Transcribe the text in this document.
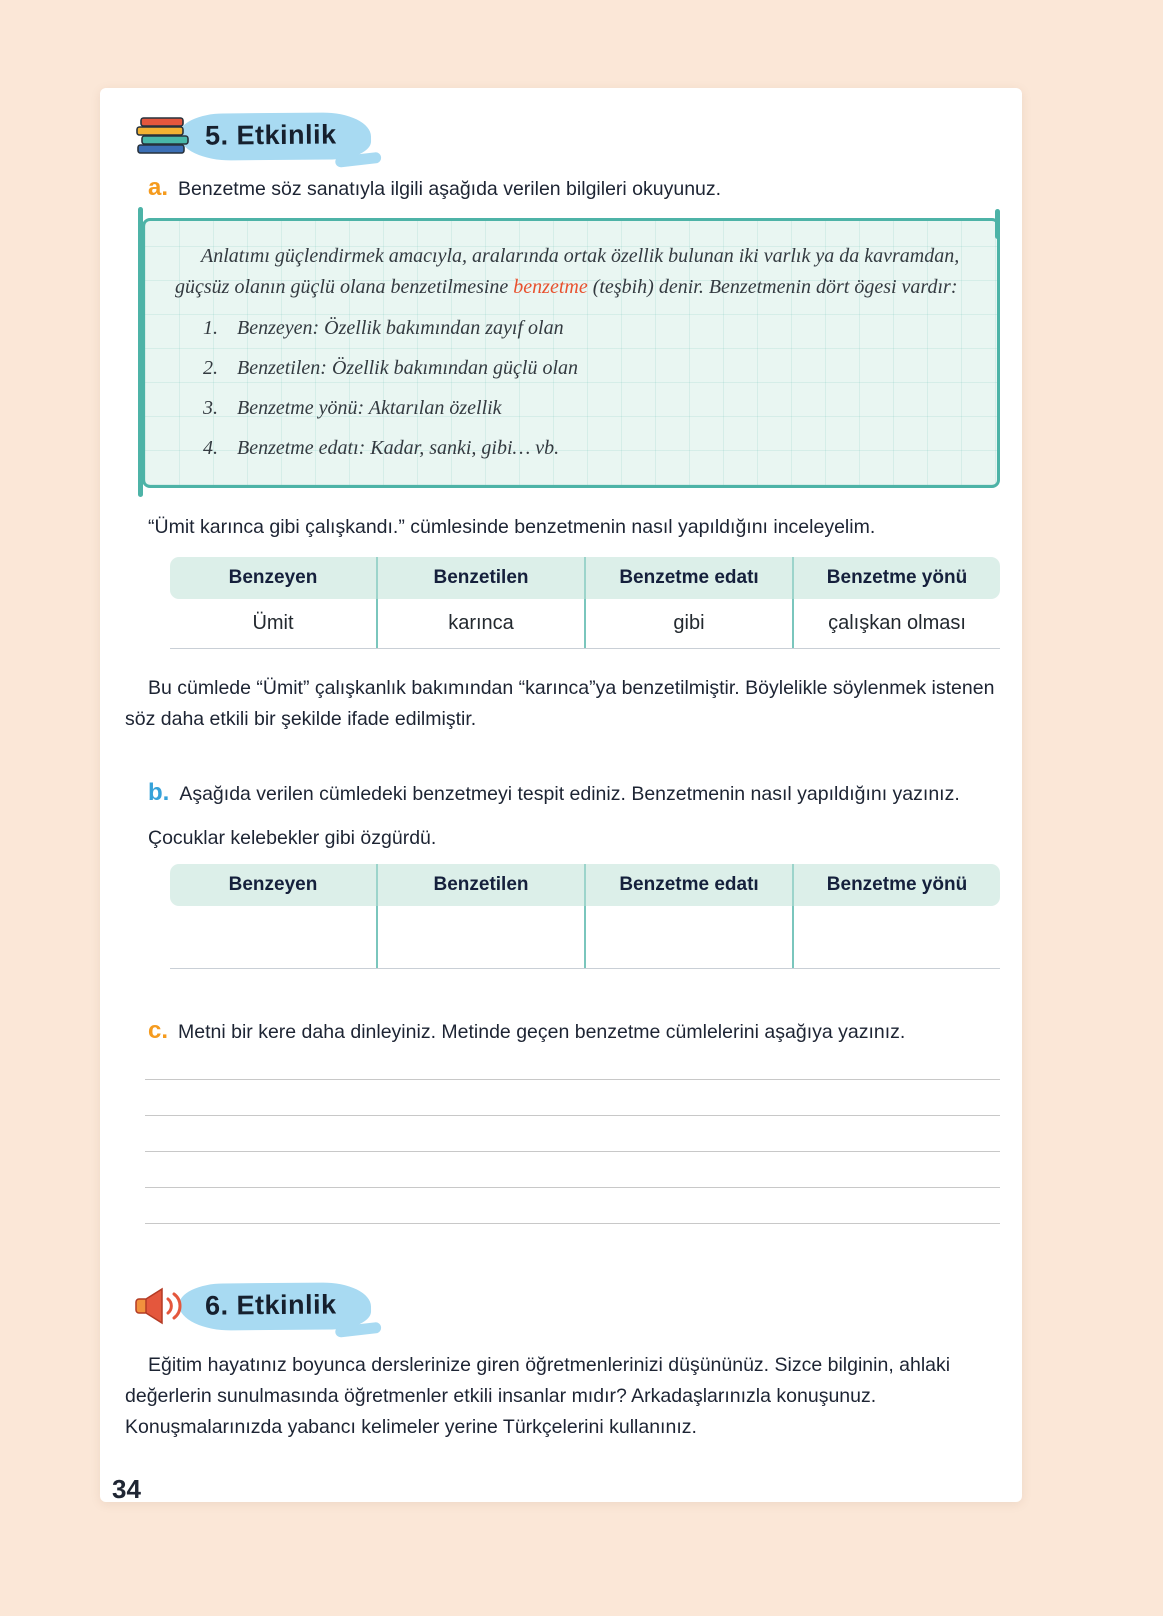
5. Etkinlik
a. Benzetme söz sanatıyla ilgili aşağıda verilen bilgileri okuyunuz.

Anlatımı güçlendirmek amacıyla, aralarında ortak özellik bulunan iki varlık ya da kavramdan, güçsüz olanın güçlü olana benzetilmesine benzetme (teşbih) denir. Benzetmenin dört ögesi vardır:

1. Benzeyen: Özellik bakımından zayıf olan
2. Benzetilen: Özellik bakımından güçlü olan
3. Benzetme yönü: Aktarılan özellik
4. Benzetme edatı: Kadar, sanki, gibi… vb.

“Ümit karınca gibi çalışkandı.” cümlesinde benzetmenin nasıl yapıldığını inceleyelim.

Benzeyen	Benzetilen	Benzetme edatı	Benzetme yönü
Ümit	karınca	gibi	çalışkan olması

Bu cümlede “Ümit” çalışkanlık bakımından “karınca”ya benzetilmiştir. Böylelikle söylenmek istenen söz daha etkili bir şekilde ifade edilmiştir.

b. Aşağıda verilen cümledeki benzetmeyi tespit ediniz. Benzetmenin nasıl yapıldığını yazınız.

Çocuklar kelebekler gibi özgürdü.

Benzeyen	Benzetilen	Benzetme edatı	Benzetme yönü
c. Metni bir kere daha dinleyiniz. Metinde geçen benzetme cümlelerini aşağıya yazınız.
6. Etkinlik

Eğitim hayatınız boyunca derslerinize giren öğretmenlerinizi düşününüz. Sizce bilginin, ahlaki değerlerin sunulmasında öğretmenler etkili insanlar mıdır? Arkadaşlarınızla konuşunuz. Konuşmalarınızda yabancı kelimeler yerine Türkçelerini kullanınız.

34
